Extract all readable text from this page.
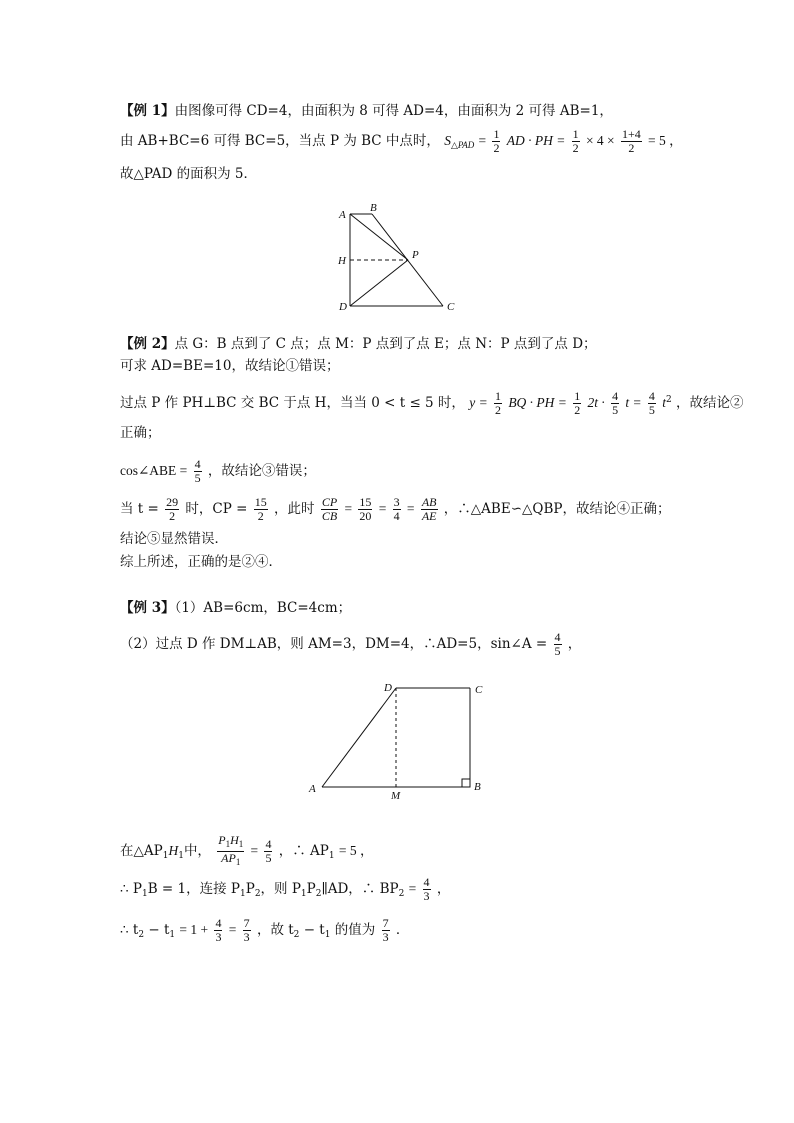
【例 1】由图像可得 CD=4，由面积为 8 可得 AD=4，由面积为 2 可得 AB=1，
由 AB+BC=6 可得 BC=5，当点 P 为 BC 中点时， $S_{\triangle PAD} = \frac{1}{2}$ AD · PH = $\frac{1}{2} \times 4 \times \frac{1+4}{2} = 5$ ，
故△PAD 的面积为 5．
A
B
P
H
D	C
【例 2】点 G：B 点到了 C 点；点 M：P 点到了点 E；点 N：P 点到了点 D；
可求 AD=BE=10，故结论①错误；
过点 P 作 PH⊥BC 交 BC 于点 H，当当 0 < t ≤ 5 时， $y = \frac{1}{2}$ BQ · PH = $\frac{1}{2} 2t \cdot \frac{4}{5}$ $t = \frac{4}{5} t^2$ ，故结论②
正确；
cos∠ABE = $\frac{4}{5}$ ，故结论③错误；
当 $t = \frac{29}{2}$ 时，CP = $\frac{15}{2}$ ，此时 $\frac{CP}{CB} = \frac{15}{20} = \frac{3}{4} = \frac{AB}{AE}$ ，∴△ABE∽△QBP，故结论④正确；
结论⑤显然错误．
综上所述，正确的是②④．
【例 3】（1）AB=6cm，BC=4cm；
（2）过点 D 作 DM⊥AB，则 AM=3，DM=4，∴AD=5，sin∠A = $\frac{4}{5}$ ，
D	C
A
M
B
在$\triangle AP_1H_1$中， $\frac{P_1H_1}{AP_1} = \frac{4}{5}$ ，∴ $AP_1 = 5$ ，
∴ $P_1B = 1$，连接 $P_1P_2$，则 $P_1P_2\parallel AD$，∴ $BP_2 = \frac{4}{3}$ ，
∴ $t_2 - t_1 = 1 + \frac{4}{3} = \frac{7}{3}$ ，故 $t_2 - t_1$ 的值为 $\frac{7}{3}$ ．
